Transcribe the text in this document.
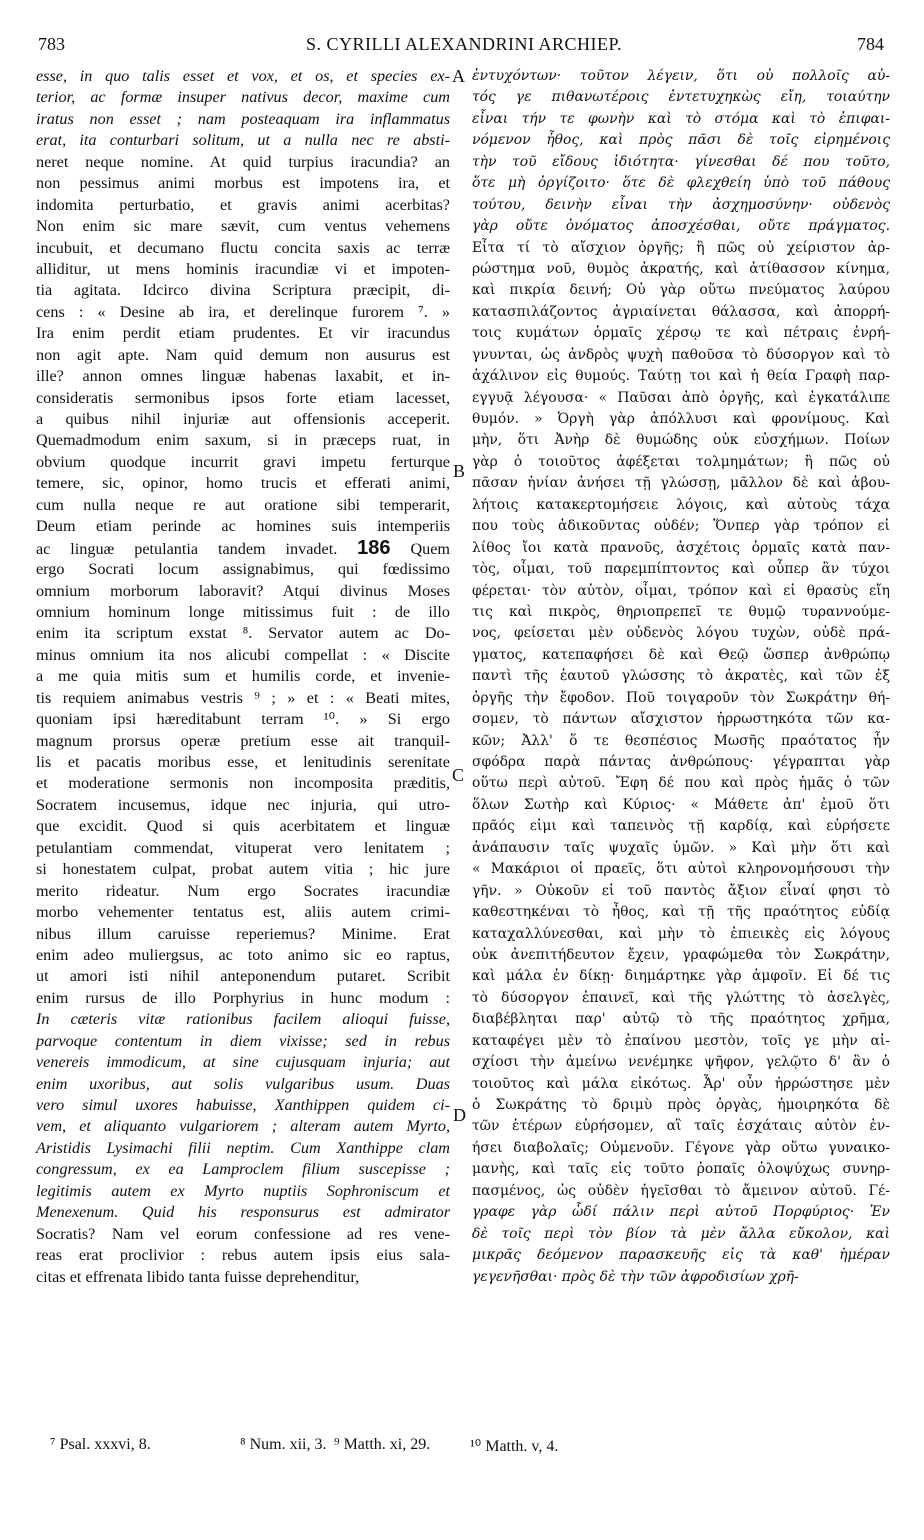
783	S. CYRILLI ALEXANDRINI ARCHIEP.	784
A
B
C
D
esse, in quo talis esset et vox, et os, et species ex-
terior, ac formæ insuper nativus decor, maxime cum
iratus non esset ; nam posteaquam ira inflammatus
erat, ita conturbari solitum, ut a nulla nec re absti-
neret neque nomine. At quid turpius iracundia? an
non pessimus animi morbus est impotens ira, et
indomita perturbatio, et gravis animi acerbitas?
Non enim sic mare sævit, cum ventus vehemens
incubuit, et decumano fluctu concita saxis ac terræ
alliditur, ut mens hominis iracundiæ vi et impoten-
tia agitata. Idcirco divina Scriptura præcipit, di-
cens : « Desine ab ira, et derelinque furorem ⁷. »
Ira enim perdit etiam prudentes. Et vir iracundus
non agit apte. Nam quid demum non ausurus est
ille? annon omnes linguæ habenas laxabit, et in-
consideratis sermonibus ipsos forte etiam lacesset,
a quibus nihil injuriæ aut offensionis acceperit.
Quemadmodum enim saxum, si in præceps ruat, in
obvium quodque incurrit gravi impetu ferturque
temere, sic, opinor, homo trucis et efferati animi,
cum nulla neque re aut oratione sibi temperarit,
Deum etiam perinde ac homines suis intemperiis
ac linguæ petulantia tandem invadet. 186 Quem
ergo Socrati locum assignabimus, qui fœdissimo
omnium morborum laboravit? Atqui divinus Moses
omnium hominum longe mitissimus fuit : de illo
enim ita scriptum exstat ⁸. Servator autem ac Do-
minus omnium ita nos alicubi compellat : « Discite
a me quia mitis sum et humilis corde, et invenie-
tis requiem animabus vestris ⁹ ; » et : « Beati mites,
quoniam ipsi hæreditabunt terram ¹⁰. » Si ergo
magnum prorsus operæ pretium esse ait tranquil-
lis et pacatis moribus esse, et lenitudinis serenitate
et moderatione sermonis non incomposita præditis,
Socratem incusemus, idque nec injuria, qui utro-
que excidit. Quod si quis acerbitatem et linguæ
petulantiam commendat, vituperat vero lenitatem ;
si honestatem culpat, probat autem vitia ; hic jure
merito rideatur. Num ergo Socrates iracundiæ
morbo vehementer tentatus est, aliis autem crimi-
nibus illum caruisse reperiemus? Minime. Erat
enim adeo muliergsus, ac toto animo sic eo raptus,
ut amori isti nihil anteponendum putaret. Scribit
enim rursus de illo Porphyrius in hunc modum :
In cæteris vitæ rationibus facilem alioqui fuisse,
parvoque contentum in diem vixisse; sed in rebus
venereis immodicum, at sine cujusquam injuria; aut
enim uxoribus, aut solis vulgaribus usum. Duas
vero simul uxores habuisse, Xanthippen quidem ci-
vem, et aliquanto vulgariorem ; alteram autem Myrto,
Aristidis Lysimachi filii neptim. Cum Xanthippe clam
congressum, ex ea Lamproclem filium suscepisse ;
legitimis autem ex Myrto nuptiis Sophroniscum et
Menexenum. Quid his responsurus est admirator
Socratis? Nam vel eorum confessione ad res vene-
reas erat proclivior : rebus autem ipsis eius sala-
citas et effrenata libido tanta fuisse deprehenditur,
ἐντυχόντων· τοῦτον λέγειν, ὅτι οὐ πολλοῖς αὐ-
τός γε πιθανωτέροις ἐντετυχηκὼς εἴη, τοιαύτην
εἶναι τήν τε φωνὴν καὶ τὸ στόμα καὶ τὸ ἐπιφαι-
νόμενον ἦθος, καὶ πρὸς πᾶσι δὲ τοῖς εἰρημένοις
τὴν τοῦ εἴδους ἰδιότητα· γίνεσθαι δέ που τοῦτο,
ὅτε μὴ ὀργίζοιτο· ὅτε δὲ φλεχθείη ὑπὸ τοῦ πάθους
τούτου, δεινὴν εἶναι τὴν ἀσχημοσύνην· οὐδενὸς
γὰρ οὔτε ὀνόματος ἀποσχέσθαι, οὔτε πράγματος.
Εἶτα τί τὸ αἴσχιον ὀργῆς; ἢ πῶς οὐ χείριστον ἀρ-
ρώστημα νοῦ, θυμὸς ἀκρατής, καὶ ἀτίθασσον κίνημα,
καὶ πικρία δεινή; Οὐ γὰρ οὕτω πνεύματος λαύρου
κατασπιλάζοντος ἀγριαίνεται θάλασσα, καὶ ἀπορρή-
τοις κυμάτων ὁρμαῖς χέρσῳ τε καὶ πέτραις ἐνρή-
γνυνται, ὡς ἀνδρὸς ψυχὴ παθοῦσα τὸ δύσοργον καὶ τὸ
ἀχάλινον εἰς θυμούς. Ταύτῃ τοι καὶ ἡ θεία Γραφὴ παρ-
εγγυᾷ λέγουσα· « Παῦσαι ἀπὸ ὀργῆς, καὶ ἐγκατάλιπε
θυμόν. » Ὀργὴ γὰρ ἀπόλλυσι καὶ φρονίμους. Καὶ
μὴν, ὅτι Ἀνὴρ δὲ θυμώδης οὐκ εὐσχήμων. Ποίων
γὰρ ὁ τοιοῦτος ἀφέξεται τολμημάτων; ἢ πῶς οὐ
πᾶσαν ἡνίαν ἀνήσει τῇ γλώσσῃ, μᾶλλον δὲ καὶ ἀβου-
λήτοις κατακερτομήσειε λόγοις, καὶ αὐτοὺς τάχα
που τοὺς ἀδικοῦντας οὐδέν; Ὅνπερ γὰρ τρόπον εἰ
λίθος ἴοι κατὰ πρανοῦς, ἀσχέτοις ὁρμαῖς κατὰ παν-
τὸς, οἶμαι, τοῦ παρεμπίπτοντος καὶ οὗπερ ἂν τύχοι
φέρεται· τὸν αὐτὸν, οἶμαι, τρόπον καὶ εἰ θρασὺς εἴη
τις καὶ πικρὸς, θηριοπρεπεῖ τε θυμῷ τυραννούμε-
νος, φείσεται μὲν οὐδενὸς λόγου τυχὼν, οὐδὲ πρά-
γματος, κατεπαφήσει δὲ καὶ Θεῷ ὥσπερ ἀνθρώπῳ
παντὶ τῆς ἑαυτοῦ γλώσσης τὸ ἀκρατὲς, καὶ τῶν ἐξ
ὀργῆς τὴν ἔφοδον. Ποῦ τοιγαροῦν τὸν Σωκράτην θή-
σομεν, τὸ πάντων αἴσχιστον ἠρρωστηκότα τῶν κα-
κῶν; Ἀλλ' ὅ τε θεσπέσιος Μωσῆς πραότατος ἦν
σφόδρα παρὰ πάντας ἀνθρώπους· γέγραπται γὰρ
οὕτω περὶ αὐτοῦ. Ἔφη δέ που καὶ πρὸς ἡμᾶς ὁ τῶν
ὅλων Σωτὴρ καὶ Κύριος· « Μάθετε ἀπ' ἐμοῦ ὅτι
πρᾶός εἰμι καὶ ταπεινὸς τῇ καρδίᾳ, καὶ εὑρήσετε
ἀνάπαυσιν ταῖς ψυχαῖς ὑμῶν. » Καὶ μὴν ὅτι καὶ
« Μακάριοι οἱ πραεῖς, ὅτι αὐτοὶ κληρονομήσουσι τὴν
γῆν. » Οὐκοῦν εἰ τοῦ παντὸς ἄξιον εἶναί φησι τὸ
καθεστηκέναι τὸ ἦθος, καὶ τῇ τῆς πραότητος εὐδίᾳ
καταχαλλύνεσθαι, καὶ μὴν τὸ ἐπιεικὲς εἰς λόγους
οὐκ ἀνεπιτήδευτον ἔχειν, γραφώμεθα τὸν Σωκράτην,
καὶ μάλα ἐν δίκῃ· διημάρτηκε γὰρ ἀμφοῖν. Εἰ δέ τις
τὸ δύσοργον ἐπαινεῖ, καὶ τῆς γλώττης τὸ ἀσελγὲς,
διαβέβληται παρ' αὐτῷ τὸ τῆς πραότητος χρῆμα,
καταφέγει μὲν τὸ ἐπαίνου μεστὸν, τοῖς γε μὴν αἰ-
σχίοσι τὴν ἀμείνω νενέμηκε ψῆφον, γελῷτο δ' ἂν ὁ
τοιοῦτος καὶ μάλα εἰκότως. Ἆρ' οὖν ἠρρώστησε μὲν
ὁ Σωκράτης τὸ δριμὺ πρὸς ὀργὰς, ἠμοιρηκότα δὲ
τῶν ἑτέρων εὑρήσομεν, αἳ ταῖς ἐσχάταις αὐτὸν ἐν-
ήσει διαβολαῖς; Οὐμενοῦν. Γέγονε γὰρ οὕτω γυναικο-
μανὴς, καὶ ταῖς εἰς τοῦτο ῥοπαῖς ὁλοψύχως συνηρ-
πασμένος, ὡς οὐδὲν ἡγεῖσθαι τὸ ἄμεινον αὐτοῦ. Γέ-
γραφε γὰρ ὧδί πάλιν περὶ αὐτοῦ Πορφύριος· Ἐν
δὲ τοῖς περὶ τὸν βίον τὰ μὲν ἄλλα εὔκολον, καὶ
μικρᾶς δεόμενον παρασκευῆς εἰς τὰ καθ' ἡμέραν
γεγενῆσθαι· πρὸς δὲ τὴν τῶν ἀφροδισίων χρῆ-
⁷ Psal. xxxvi, 8.	⁸ Num. xii, 3. ⁹ Matth. xi, 29. ¹⁰ Matth. v, 4.
